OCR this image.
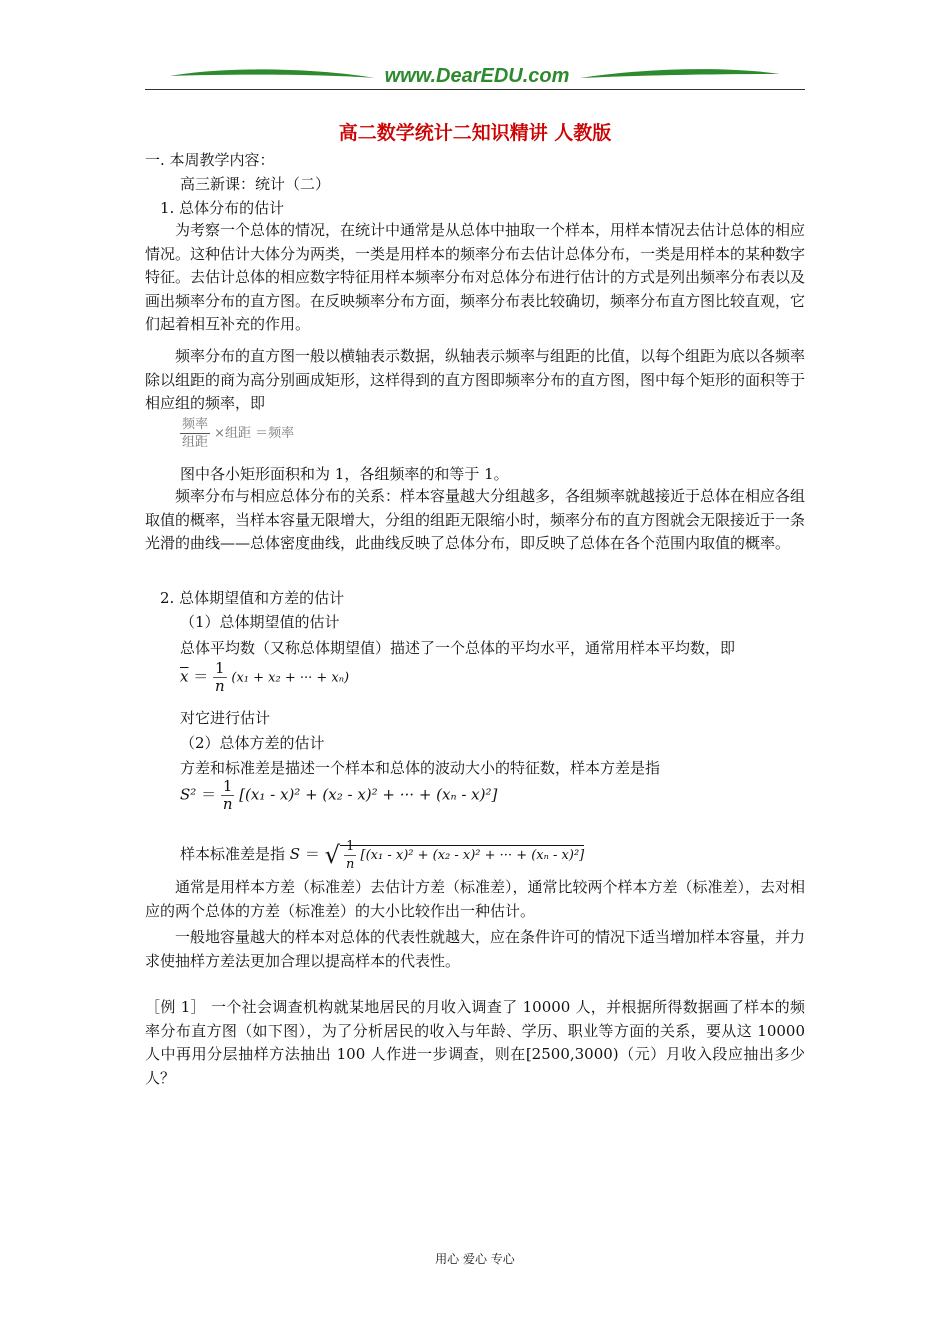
www.DearEDU.com
高二数学统计二知识精讲 人教版
一. 本周教学内容：
高三新课：统计（二）
1. 总体分布的估计
为考察一个总体的情况，在统计中通常是从总体中抽取一个样本，用样本情况去估计总体的相应情况。这种估计大体分为两类，一类是用样本的频率分布去估计总体分布，一类是用样本的某种数字特征。去估计总体的相应数字特征用样本频率分布对总体分布进行估计的方式是列出频率分布表以及画出频率分布的直方图。在反映频率分布方面，频率分布表比较确切，频率分布直方图比较直观，它们起着相互补充的作用。
频率分布的直方图一般以横轴表示数据，纵轴表示频率与组距的比值，以每个组距为底以各频率除以组距的商为高分别画成矩形，这样得到的直方图即频率分布的直方图，图中每个矩形的面积等于相应组的频率，即
$\frac{\text{频率}}{\text{组距}}$ ×组距 ＝频率
图中各小矩形面积和为 1，各组频率的和等于 1。
频率分布与相应总体分布的关系：样本容量越大分组越多，各组频率就越接近于总体在相应各组取值的概率，当样本容量无限增大，分组的组距无限缩小时，频率分布的直方图就会无限接近于一条光滑的曲线——总体密度曲线，此曲线反映了总体分布，即反映了总体在各个范围内取值的概率。
2. 总体期望值和方差的估计
（1）总体期望值的估计
总体平均数（又称总体期望值）描述了一个总体的平均水平，通常用样本平均数，即
$\overline{x} = \frac{1}{n} (x_1 + x_2$ + ··· + xₙ)
对它进行估计
（2）总体方差的估计
方差和标准差是描述一个样本和总体的波动大小的特征数，样本方差是指
$S^2 = \frac{1}{n} [(x_1 - x)^2 + (x_2 - x)^2$ + ··· + (xₙ - x)²]
样本标准差是指 S ＝ √ $\frac{1}{n} [(x_1 - x)^2 + (x_2 - x)^2$ + ··· + (xₙ - x)²]
通常是用样本方差（标准差）去估计方差（标准差），通常比较两个样本方差（标准差），去对相应的两个总体的方差（标准差）的大小比较作出一种估计。
一般地容量越大的样本对总体的代表性就越大，应在条件许可的情况下适当增加样本容量，并力求使抽样方差法更加合理以提高样本的代表性。
［例 1］ 一个社会调查机构就某地居民的月收入调查了 10000 人，并根据所得数据画了样本的频率分布直方图（如下图），为了分析居民的收入与年龄、学历、职业等方面的关系，要从这 10000 人中再用分层抽样方法抽出 100 人作进一步调查，则在[2500,3000)（元）月收入段应抽出多少人？
用心 爱心 专心
